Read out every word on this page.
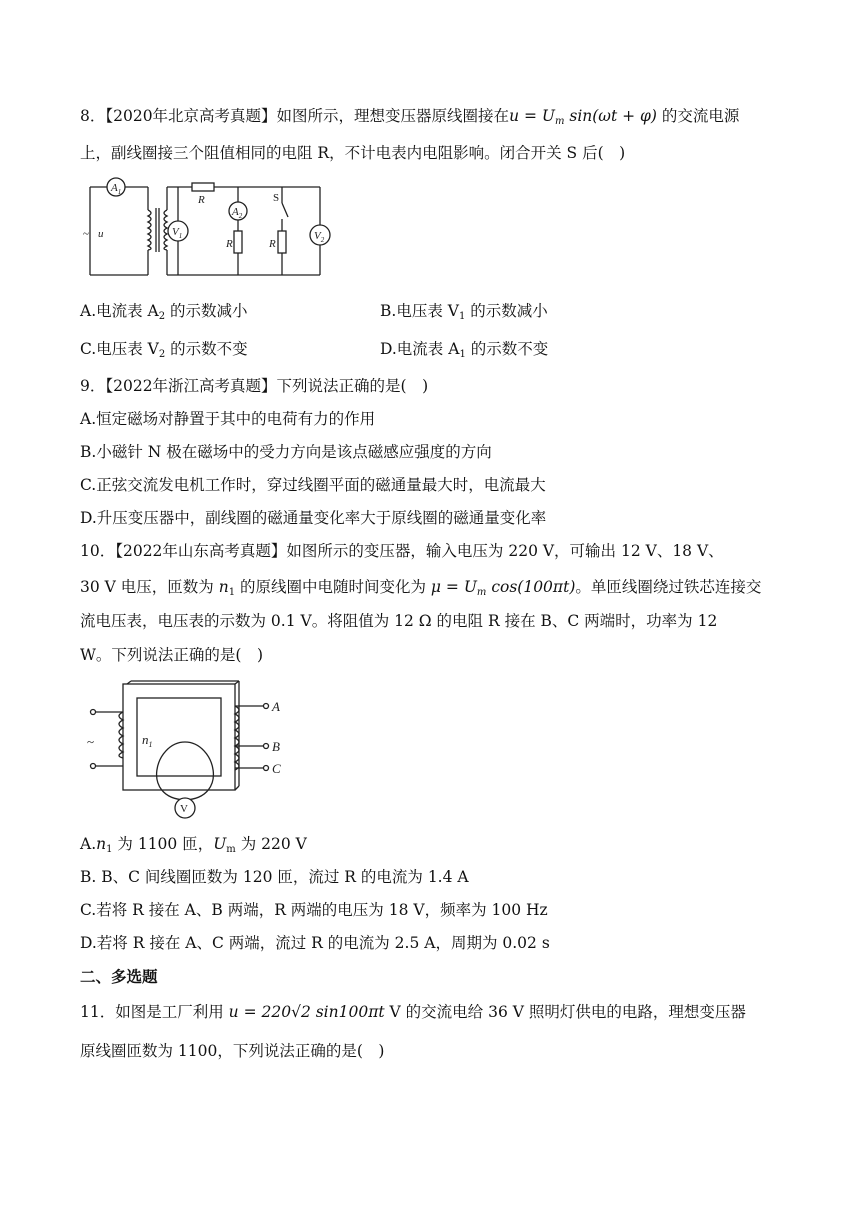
8．【2020年北京高考真题】如图所示，理想变压器原线圈接在$u = U_m$ sin(ωt + φ) 的交流电源
上，副线圈接三个阻值相同的电阻 R，不计电表内电阻影响。闭合开关 S 后(　)
$A_1$
$V_1$
$A_2$
$V_2$
R
R	R
S
~ u
A.电流表 $A_2$ 的示数减小	B.电压表 $V_1$ 的示数减小
C.电压表 $V_2$ 的示数不变	D.电流表 $A_1$ 的示数不变
9．【2022年浙江高考真题】下列说法正确的是(　)
A.恒定磁场对静置于其中的电荷有力的作用
B.小磁针 N 极在磁场中的受力方向是该点磁感应强度的方向
C.正弦交流发电机工作时，穿过线圈平面的磁通量最大时，电流最大
D.升压变压器中，副线圈的磁通量变化率大于原线圈的磁通量变化率
10．【2022年山东高考真题】如图所示的变压器，输入电压为 220 V，可输出 12 V、18 V、
30 V 电压，匝数为 $n_1$ 的原线圈中电随时间变化为 $\mu = U_m$ cos(100πt)。单匝线圈绕过铁芯连接交
流电压表，电压表的示数为 0.1 V。将阻值为 12 Ω 的电阻 R 接在 B、C 两端时，功率为 12
W。下列说法正确的是(　)
A
B
C
$n_1$
V
~
$A.n_1$ 为 1100 匝，$U_m$ 为 220 V
B. B、C 间线圈匝数为 120 匝，流过 R 的电流为 1.4 A
C.若将 R 接在 A、B 两端，R 两端的电压为 18 V，频率为 100 Hz
D.若将 R 接在 A、C 两端，流过 R 的电流为 2.5 A，周期为 0.02 s
二、多选题
11．如图是工厂利用 u = 220√2 sin100πt V 的交流电给 36 V 照明灯供电的电路，理想变压器
原线圈匝数为 1100，下列说法正确的是(　)
